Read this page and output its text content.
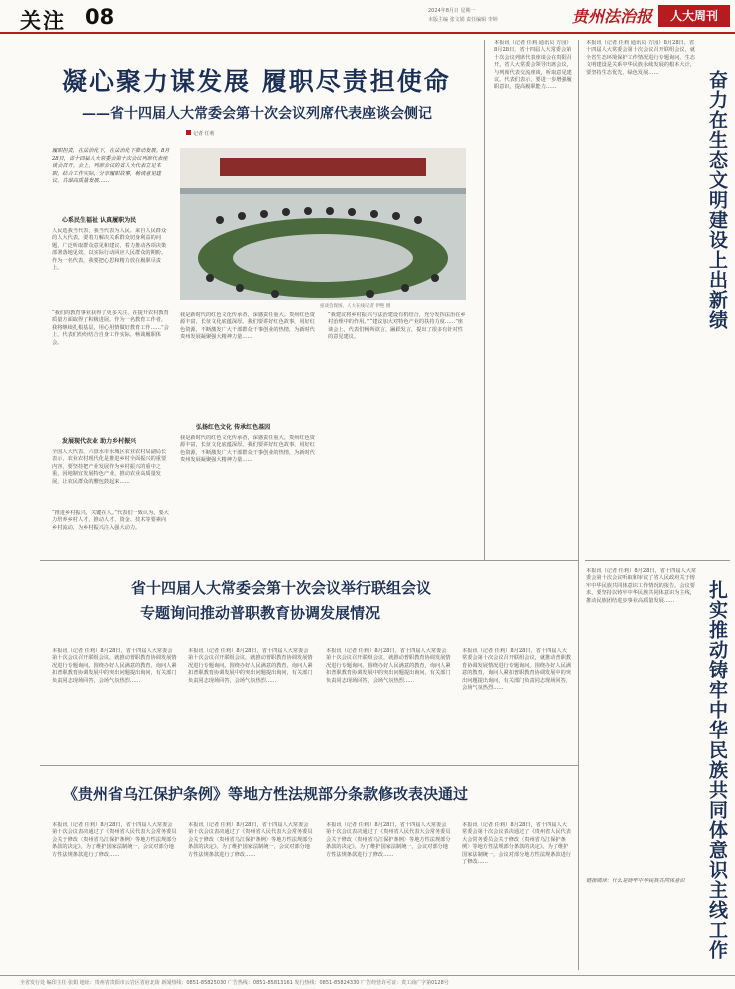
关注 08	2024年8月日 星期一
本版主编 张文娟 责任编辑 李婷	贵州法治报	人大周刊
凝心聚力谋发展 履职尽责担使命
——省十四届人大常委会第十次会议列席代表座谈会侧记
记者 任莉
履职担责，在法治化下，在法治化下推动发展。8月28日，省十四届人大常委会第十次会议列席代表座谈会召开。会上，列席会议的省人大代表立足本职，结合工作实际，分享履职故事，畅谈意见建议，共谋高质量发展……
心系民生福祉 认真履职为民
人民选我当代表，我当代表为人民。来自人民群众的人大代表，要着力解决关系群众切身利益的问题，广泛听取群众意见和建议，着力推动各项决策部署落地见效，以实际行动回应人民群众的期盼。作为一名代表，我要把心思和精力放在履职尽责上。
“我们的教育事业获得了更多关注，在提升农村教育质量方面取得了积极进展。作为一名教育工作者，我将继续扎根基层，用心用情做好教育工作……”会上，代表们纷纷结合自身工作实际，畅谈履职体会。
发展现代农业 助力乡村振兴
全国人大代表、六盘水市水城区农业农村局副局长表示，农业农村现代化是推进乡村全面振兴的重要内容，要坚持把产业发展作为乡村振兴的重中之重，因地制宜发展特色产业，推动农业高质量发展，让农民群众的腰包鼓起来……
“推进乡村振兴，关键在人。”代表们一致认为，要大力培养乡村人才，推动人才、资金、技术等要素向乡村流动，为乡村振兴注入强大动力。
座谈会现场。人大在线记者 伊艳 摄
我是新时代的红色文化传承者，深感责任重大。贵州红色资源丰富，长征文化底蕴深厚。我们要讲好红色故事，用好红色资源，不断激发广大干部群众干事创业的热情，为新时代贵州发展凝聚强大精神力量……
弘扬红色文化 传承红色基因
我是新时代的红色文化传承者，深感责任重大。贵州红色资源丰富，长征文化底蕴深厚。我们要讲好红色故事，用好红色资源，不断激发广大干部群众干事创业的热情，为新时代贵州发展凝聚强大精神力量……
“我建议将乡村振兴与法治建设有机结合，充分发挥法治在乡村治理中的作用。”“建议加大对特色产业的扶持力度……”座谈会上，代表们畅所欲言，踊跃发言，提出了很多有针对性的意见建议。
本报讯（记者 任莉 通讯员 方园）8月28日，省十四届人大常委会第十次会议列席代表座谈会在贵阳召开。省人大常委会领导出席会议，与列席代表交流座谈，听取意见建议。代表们表示，要进一步增强履职意识，提高履职能力……	奋力在生态文明建设上出新绩
本报讯（记者 任莉 通讯员 方园）8月28日，省十四届人大常委会第十次会议召开联组会议，就全省生态环境保护工作情况进行专题询问。生态文明建设是关系中华民族永续发展的根本大计，要坚持生态优先、绿色发展……
扎实推动铸牢中华民族共同体意识主线工作
本报讯（记者 任莉）8月28日，省十四届人大常委会第十次会议听取和审议了省人民政府关于铸牢中华民族共同体意识工作情况的报告。会议要求，要坚持以铸牢中华民族共同体意识为主线，推动民族团结进步事业高质量发展……
链接阅读：什么是铸牢中华民族共同体意识
省十四届人大常委会第十次会议举行联组会议
专题询问推动普职教育协调发展情况
本报讯（记者 任莉）8月28日，省十四届人大常委会第十次会议召开联组会议，就推动普职教育协调发展情况进行专题询问。围绕办好人民满意的教育，询问人紧扣普职教育协调发展中的突出问题提出询问，有关部门负责同志现场回答，会场气氛热烈……
本报讯（记者 任莉）8月28日，省十四届人大常委会第十次会议召开联组会议，就推动普职教育协调发展情况进行专题询问。围绕办好人民满意的教育，询问人紧扣普职教育协调发展中的突出问题提出询问，有关部门负责同志现场回答，会场气氛热烈……
本报讯（记者 任莉）8月28日，省十四届人大常委会第十次会议召开联组会议，就推动普职教育协调发展情况进行专题询问。围绕办好人民满意的教育，询问人紧扣普职教育协调发展中的突出问题提出询问，有关部门负责同志现场回答，会场气氛热烈……
本报讯（记者 任莉）8月28日，省十四届人大常委会第十次会议召开联组会议，就推动普职教育协调发展情况进行专题询问。围绕办好人民满意的教育，询问人紧扣普职教育协调发展中的突出问题提出询问，有关部门负责同志现场回答，会场气氛热烈……
《贵州省乌江保护条例》等地方性法规部分条款修改表决通过
本报讯（记者 任莉）8月28日，省十四届人大常委会第十次会议表决通过了《贵州省人民代表大会常务委员会关于修改〈贵州省乌江保护条例〉等地方性法规部分条款的决定》。为了维护国家法制统一，会议对部分地方性法规条款进行了修改……
本报讯（记者 任莉）8月28日，省十四届人大常委会第十次会议表决通过了《贵州省人民代表大会常务委员会关于修改〈贵州省乌江保护条例〉等地方性法规部分条款的决定》。为了维护国家法制统一，会议对部分地方性法规条款进行了修改……
本报讯（记者 任莉）8月28日，省十四届人大常委会第十次会议表决通过了《贵州省人民代表大会常务委员会关于修改〈贵州省乌江保护条例〉等地方性法规部分条款的决定》。为了维护国家法制统一，会议对部分地方性法规条款进行了修改……
本报讯（记者 任莉）8月28日，省十四届人大常委会第十次会议表决通过了《贵州省人民代表大会常务委员会关于修改〈贵州省乌江保护条例〉等地方性法规部分条款的决定》。为了维护国家法制统一，会议对部分地方性法规条款进行了修改……
全省发行处 编印主任 张娟 地址：贵州省贵阳市云岩区省府北街 新闻热线：0851-85825030 广告热线：0851-85813161 发行热线：0851-85824330 广告经营许可证：贵工商广字第0128号
